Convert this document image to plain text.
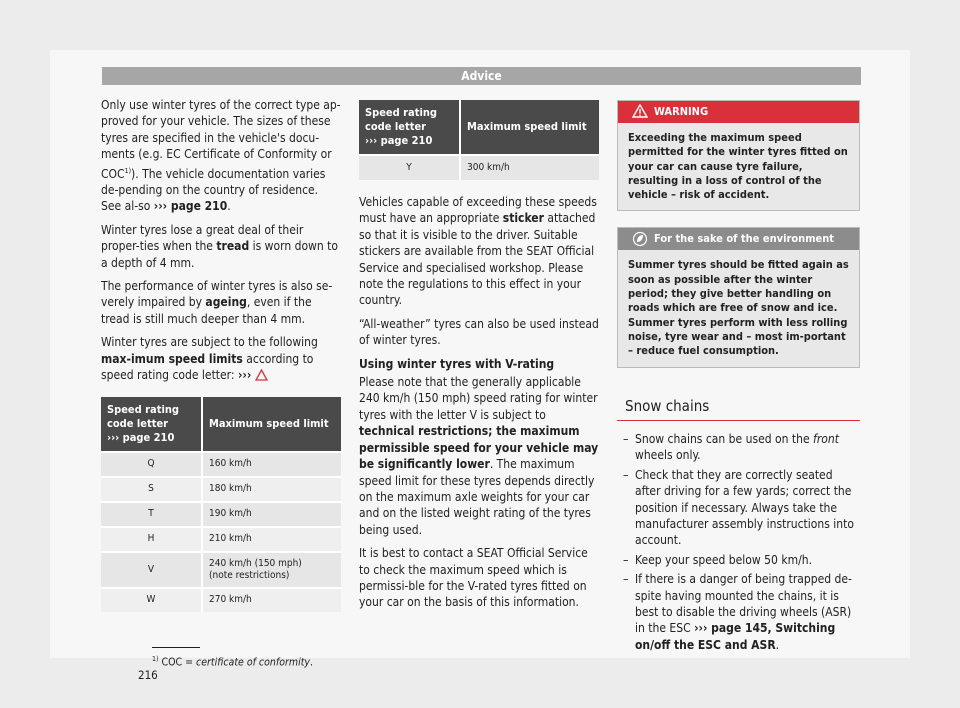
Advice

Only use winter tyres of the correct type ap-proved for your vehicle. The sizes of these tyres are specified in the vehicle's docu-ments (e.g. EC Certificate of Conformity or COC$^{1)}$). The vehicle documentation varies de-pending on the country of residence. See al-so ››› page 210.

Winter tyres lose a great deal of their proper-ties when the tread is worn down to a depth of 4 mm.

The performance of winter tyres is also se-verely impaired by ageing, even if the tread is still much deeper than 4 mm.

Winter tyres are subject to the following max-imum speed limits according to speed rating code letter: ›››

Speed rating code letter
››› page 210	Maximum speed limit
Q	160 km/h
S	180 km/h
T	190 km/h
H	210 km/h
V	240 km/h (150 mph)
(note restrictions)
W	270 km/h
Speed rating code letter
››› page 210	Maximum speed limit
Y	300 km/h

Vehicles capable of exceeding these speeds must have an appropriate sticker attached so that it is visible to the driver. Suitable stickers are available from the SEAT Official Service and specialised workshop. Please note the regulations to this effect in your country.

“All-weather” tyres can also be used instead of winter tyres.

Using winter tyres with V-rating

Please note that the generally applicable 240 km/h (150 mph) speed rating for winter tyres with the letter V is subject to technical restrictions; the maximum permissible speed for your vehicle may be significantly lower. The maximum speed limit for these tyres depends directly on the maximum axle weights for your car and on the listed weight rating of the tyres being used.

It is best to contact a SEAT Official Service to check the maximum speed which is permissi-ble for the V-rated tyres fitted on your car on the basis of this information.

WARNING
Exceeding the maximum speed permitted for the winter tyres fitted on your car can cause tyre failure, resulting in a loss of control of the vehicle – risk of accident.
For the sake of the environment
Summer tyres should be fitted again as soon as possible after the winter period; they give better handling on roads which are free of snow and ice. Summer tyres perform with less rolling noise, tyre wear and – most im-portant – reduce fuel consumption.
Snow chains
– Snow chains can be used on the front wheels only.
– Check that they are correctly seated after driving for a few yards; correct the position if necessary. Always take the manufacturer assembly instructions into account.
– Keep your speed below 50 km/h.
– If there is a danger of being trapped de-spite having mounted the chains, it is best to disable the driving wheels (ASR) in the ESC ››› page 145, Switching on/off the ESC and ASR.
$^{1)}$ COC = certificate of conformity.
216
